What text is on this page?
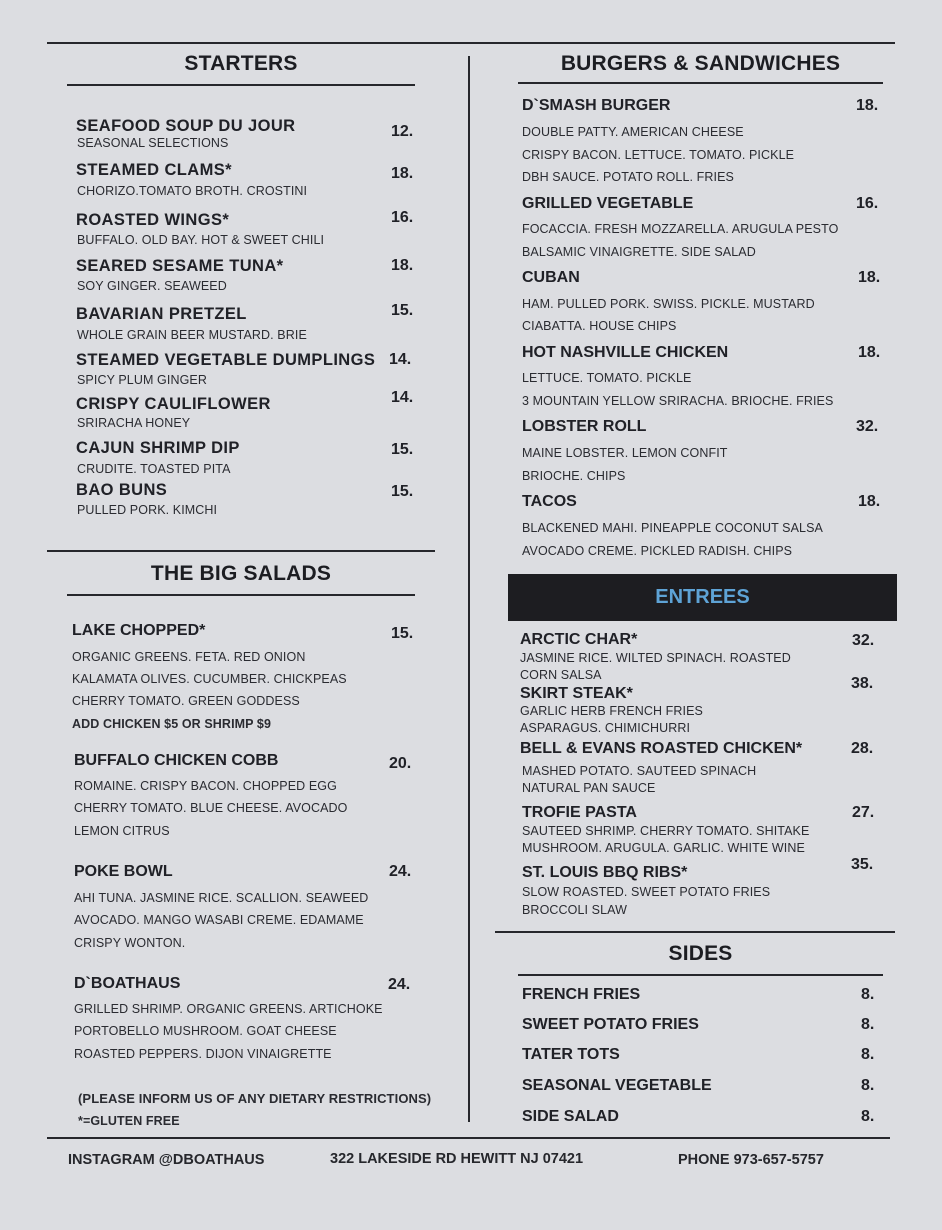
STARTERS
SEAFOOD SOUP DU JOUR
SEASONAL SELECTIONS
12.
STEAMED CLAMS*
CHORIZO.TOMATO BROTH. CROSTINI
18.
ROASTED WINGS*
BUFFALO. OLD BAY. HOT & SWEET CHILI
16.
SEARED SESAME TUNA*
SOY GINGER. SEAWEED
18.
BAVARIAN PRETZEL
WHOLE GRAIN BEER MUSTARD. BRIE
15.
STEAMED VEGETABLE DUMPLINGS
SPICY PLUM GINGER
14.
CRISPY CAULIFLOWER
SRIRACHA HONEY
14.
CAJUN SHRIMP DIP
CRUDITE. TOASTED PITA
15.
BAO BUNS
PULLED PORK. KIMCHI
15.
THE BIG SALADS
LAKE CHOPPED*	15.
ORGANIC GREENS. FETA. RED ONION
KALAMATA OLIVES. CUCUMBER. CHICKPEAS
CHERRY TOMATO. GREEN GODDESS
ADD CHICKEN $5 OR SHRIMP $9
BUFFALO CHICKEN COBB	20.
ROMAINE. CRISPY BACON. CHOPPED EGG
CHERRY TOMATO. BLUE CHEESE. AVOCADO
LEMON CITRUS
POKE BOWL	24.
AHI TUNA. JASMINE RICE. SCALLION. SEAWEED
AVOCADO. MANGO WASABI CREME. EDAMAME
CRISPY WONTON.
D`BOATHAUS	24.
GRILLED SHRIMP. ORGANIC GREENS. ARTICHOKE
PORTOBELLO MUSHROOM. GOAT CHEESE
ROASTED PEPPERS. DIJON VINAIGRETTE
(PLEASE INFORM US OF ANY DIETARY RESTRICTIONS)
*=GLUTEN FREE
BURGERS & SANDWICHES
D`SMASH BURGER	18.
DOUBLE PATTY. AMERICAN CHEESE
CRISPY BACON. LETTUCE. TOMATO. PICKLE
DBH SAUCE. POTATO ROLL. FRIES
GRILLED VEGETABLE	16.
FOCACCIA. FRESH MOZZARELLA. ARUGULA PESTO
BALSAMIC VINAIGRETTE. SIDE SALAD
CUBAN	18.
HAM. PULLED PORK. SWISS. PICKLE. MUSTARD
CIABATTA. HOUSE CHIPS
HOT NASHVILLE CHICKEN	18.
LETTUCE. TOMATO. PICKLE
3 MOUNTAIN YELLOW SRIRACHA. BRIOCHE. FRIES
LOBSTER ROLL	32.
MAINE LOBSTER. LEMON CONFIT
BRIOCHE. CHIPS
TACOS	18.
BLACKENED MAHI. PINEAPPLE COCONUT SALSA
AVOCADO CREME. PICKLED RADISH. CHIPS
ENTREES
ARCTIC CHAR*	32.
JASMINE RICE. WILTED SPINACH. ROASTED
CORN SALSA
SKIRT STEAK*
38.
GARLIC HERB FRENCH FRIES
ASPARAGUS. CHIMICHURRI
BELL & EVANS ROASTED CHICKEN*	28.
MASHED POTATO. SAUTEED SPINACH
NATURAL PAN SAUCE
TROFIE PASTA	27.
SAUTEED SHRIMP. CHERRY TOMATO. SHITAKE
MUSHROOM. ARUGULA. GARLIC. WHITE WINE
ST. LOUIS BBQ RIBS*	35.
SLOW ROASTED. SWEET POTATO FRIES
BROCCOLI SLAW
SIDES
FRENCH FRIES	8.
SWEET POTATO FRIES	8.
TATER TOTS	8.
SEASONAL VEGETABLE	8.
SIDE SALAD	8.
INSTAGRAM @DBOATHAUS	322 LAKESIDE RD HEWITT NJ 07421	PHONE 973-657-5757
